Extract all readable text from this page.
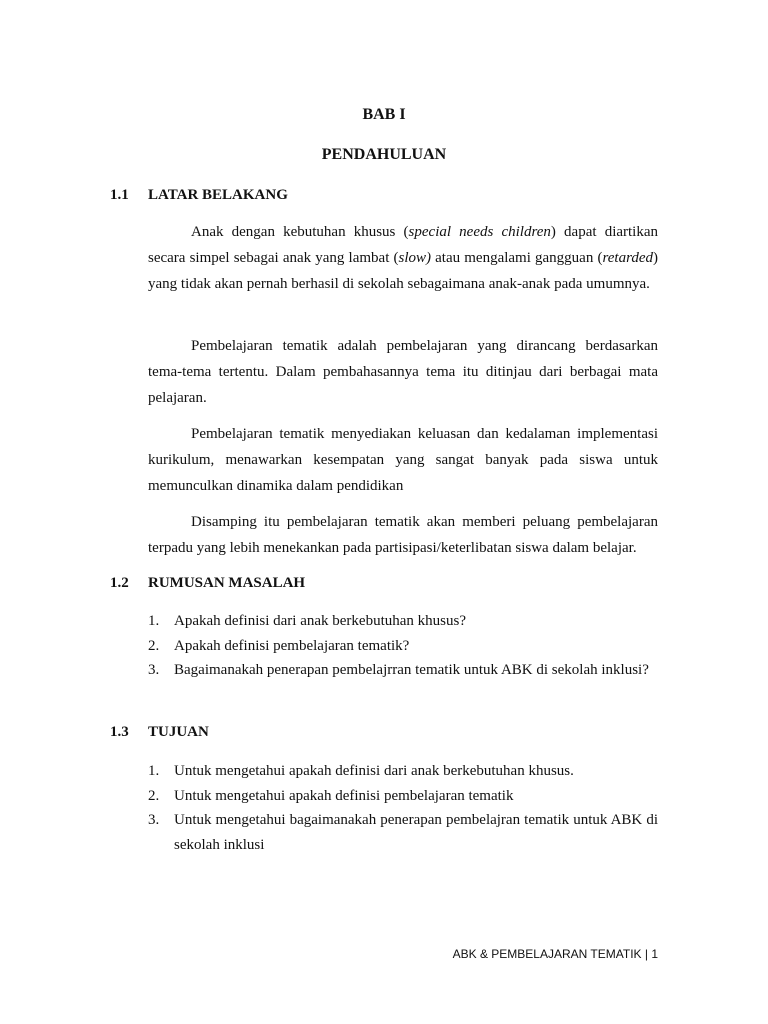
BAB I
PENDAHULUAN
1.1 LATAR BELAKANG

Anak dengan kebutuhan khusus (special needs children) dapat diartikan secara simpel sebagai anak yang lambat (slow) atau mengalami gangguan (retarded) yang tidak akan pernah berhasil di sekolah sebagaimana anak-anak pada umumnya.

Pembelajaran tematik adalah pembelajaran yang dirancang berdasarkan tema-tema tertentu. Dalam pembahasannya tema itu ditinjau dari berbagai mata pelajaran.

Pembelajaran tematik menyediakan keluasan dan kedalaman implementasi kurikulum, menawarkan kesempatan yang sangat banyak pada siswa untuk memunculkan dinamika dalam pendidikan

Disamping itu pembelajaran tematik akan memberi peluang pembelajaran terpadu yang lebih menekankan pada partisipasi/keterlibatan siswa dalam belajar.

1.2 RUMUSAN MASALAH
1. Apakah definisi dari anak berkebutuhan khusus?
2. Apakah definisi pembelajaran tematik?
3. Bagaimanakah penerapan pembelajrran tematik untuk ABK di sekolah inklusi?
1.3 TUJUAN
1. Untuk mengetahui apakah definisi dari anak berkebutuhan khusus.
2. Untuk mengetahui apakah definisi pembelajaran tematik
3. Untuk mengetahui bagaimanakah penerapan pembelajran tematik untuk ABK di sekolah inklusi
ABK & PEMBELAJARAN TEMATIK | 1
